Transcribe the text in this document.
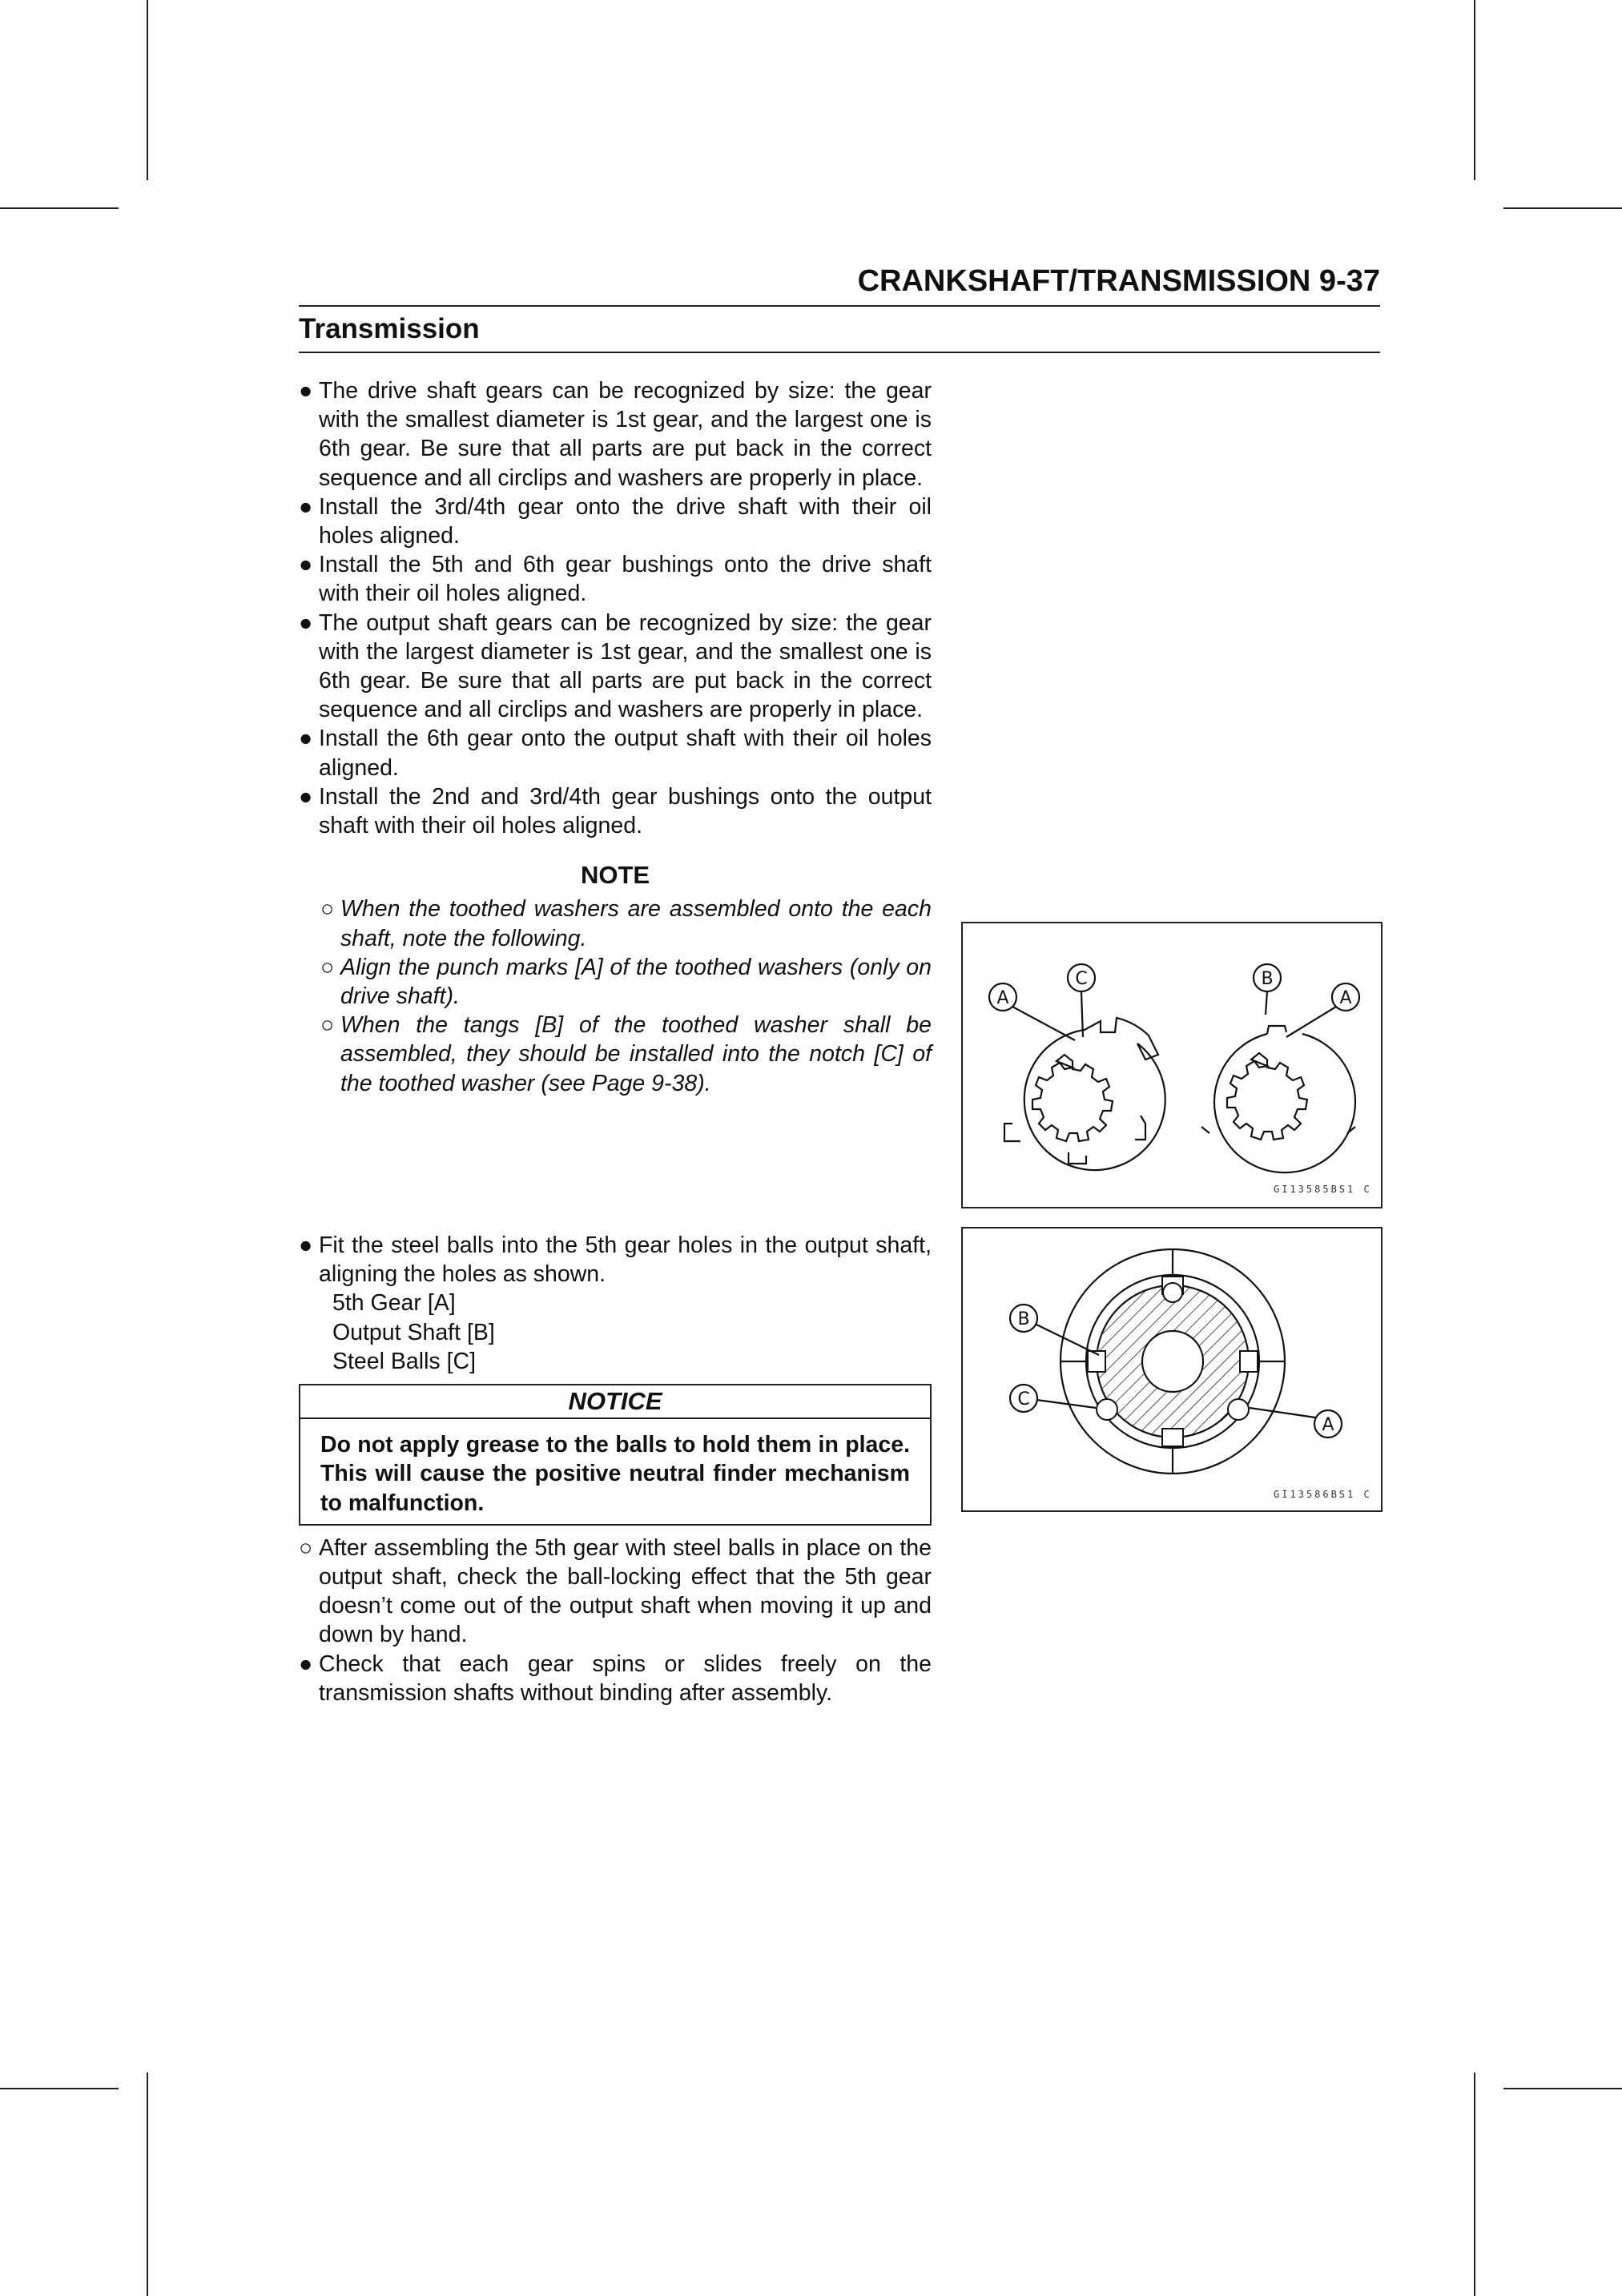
CRANKSHAFT/TRANSMISSION 9-37
Transmission
● The drive shaft gears can be recognized by size: the gear with the smallest diameter is 1st gear, and the largest one is 6th gear. Be sure that all parts are put back in the correct sequence and all circlips and washers are properly in place.
● Install the 3rd/4th gear onto the drive shaft with their oil holes aligned.
● Install the 5th and 6th gear bushings onto the drive shaft with their oil holes aligned.
● The output shaft gears can be recognized by size: the gear with the largest diameter is 1st gear, and the smallest one is 6th gear. Be sure that all parts are put back in the correct sequence and all circlips and washers are properly in place.
● Install the 6th gear onto the output shaft with their oil holes aligned.
● Install the 2nd and 3rd/4th gear bushings onto the output shaft with their oil holes aligned.
NOTE
○ When the toothed washers are assembled onto the each shaft, note the following.
○ Align the punch marks [A] of the toothed washers (only on drive shaft).
○ When the tangs [B] of the toothed washer shall be assembled, they should be installed into the notch [C] of the toothed washer (see Page 9-38).
● Fit the steel balls into the 5th gear holes in the output shaft, aligning the holes as shown.
5th Gear [A]
Output Shaft [B]
Steel Balls [C]
NOTICE
Do not apply grease to the balls to hold them in place. This will cause the positive neutral finder mechanism to malfunction.
○ After assembling the 5th gear with steel balls in place on the output shaft, check the ball-locking effect that the 5th gear doesn’t come out of the output shaft when moving it up and down by hand.
● Check that each gear spins or slides freely on the transmission shafts without binding after assembly.
A
C	B
A
GI13585BS1 C
B
C
A
GI13586BS1 C
